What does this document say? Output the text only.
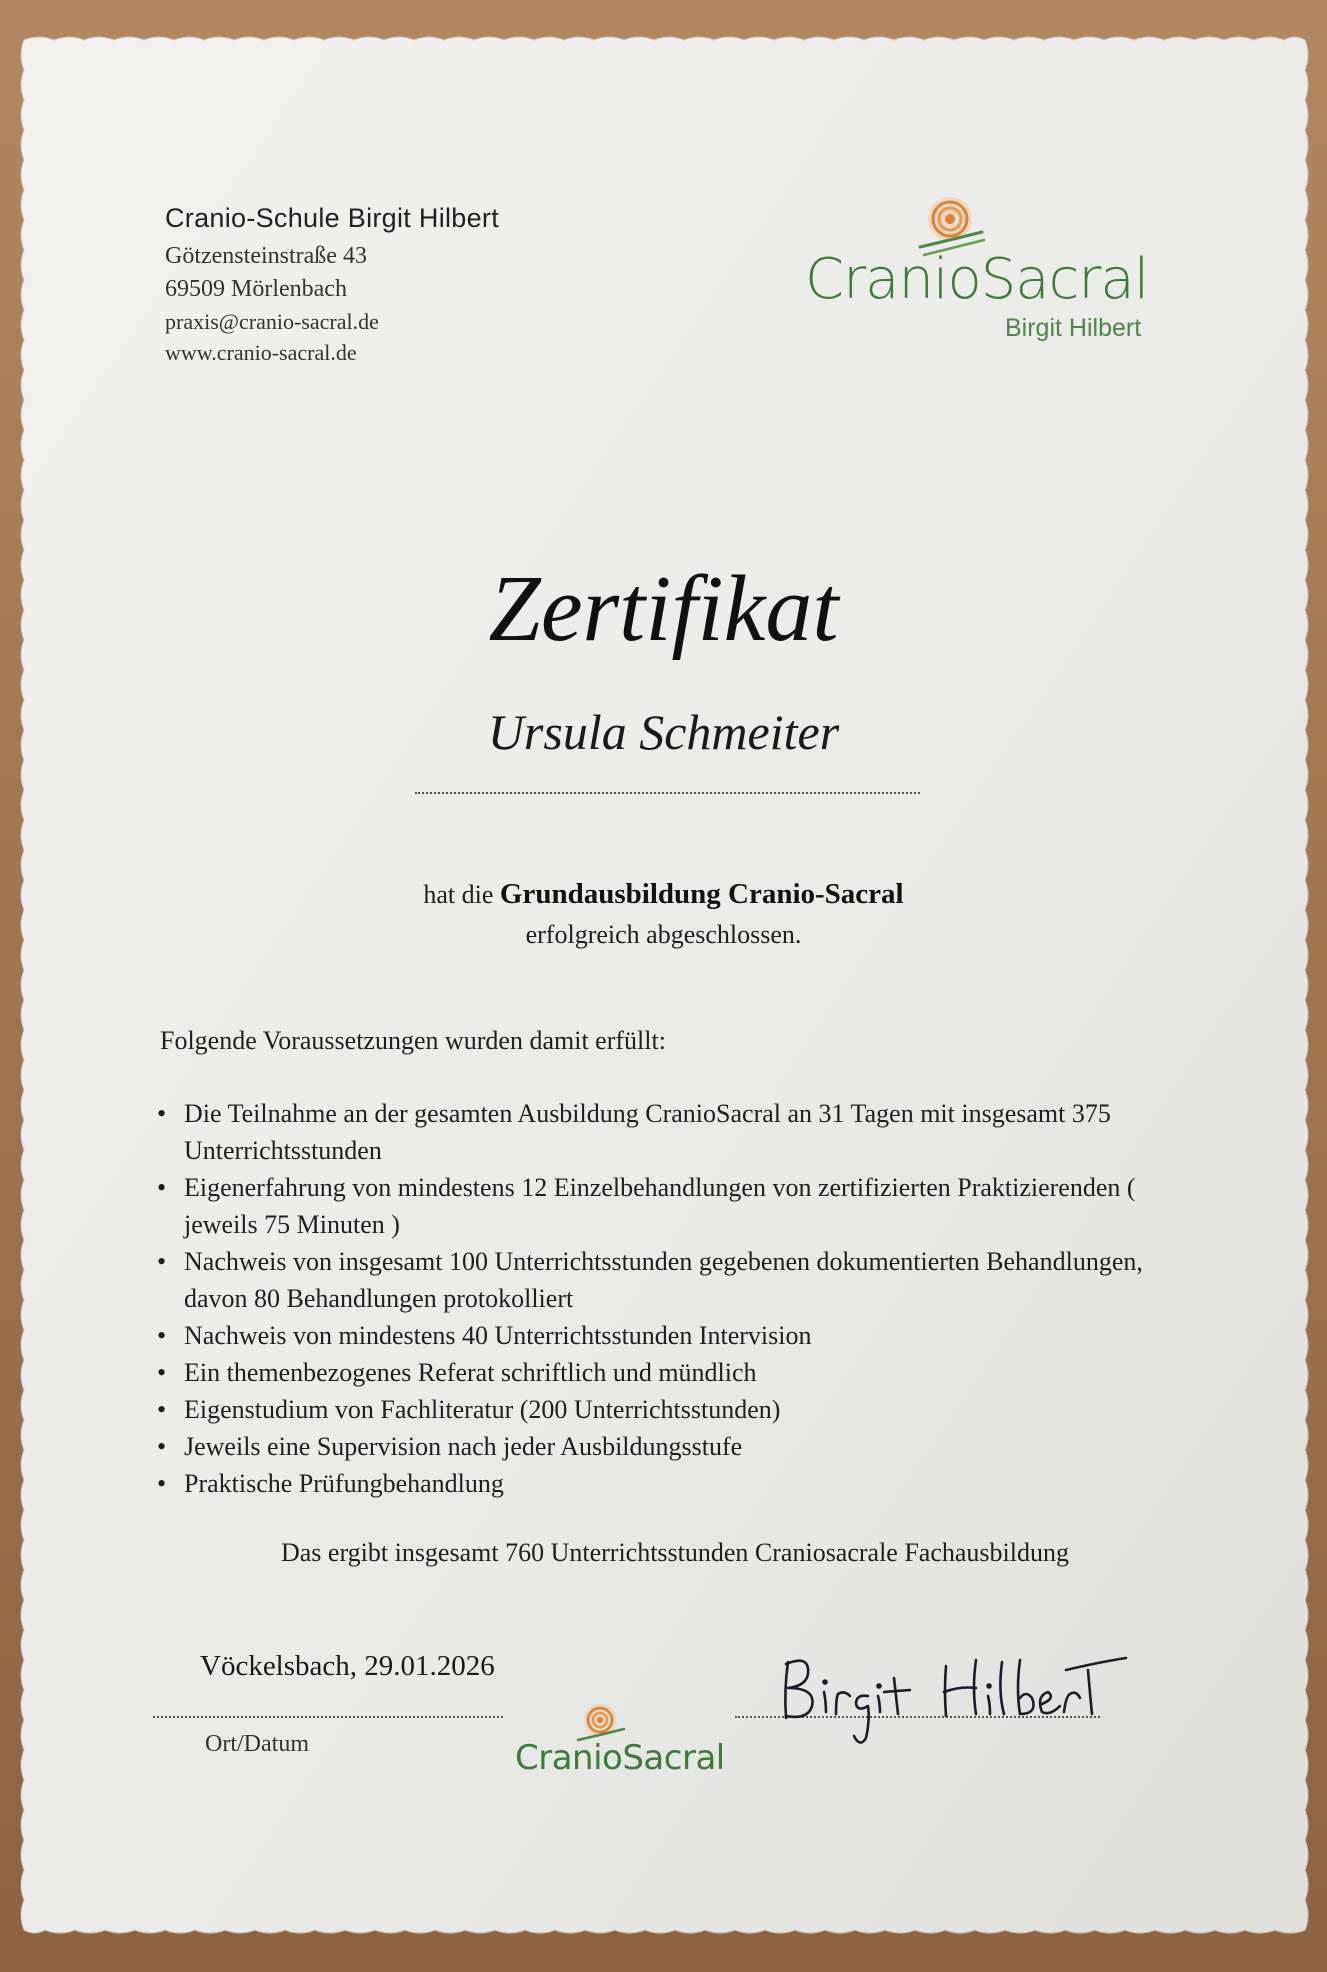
Cranio-Schule Birgit Hilbert
Götzensteinstraße 43
69509 Mörlenbach
praxis@cranio-sacral.de
www.cranio-sacral.de
CranioSacral
Birgit Hilbert
Zertifikat
Ursula Schmeiter
hat die Grundausbildung Cranio-Sacral
erfolgreich abgeschlossen.
Folgende Voraussetzungen wurden damit erfüllt:
• Die Teilnahme an der gesamten Ausbildung CranioSacral an 31 Tagen mit insgesamt 375 Unterrichtsstunden
• Eigenerfahrung von mindestens 12 Einzelbehandlungen von zertifizierten Praktizierenden ( jeweils 75 Minuten )
• Nachweis von insgesamt 100 Unterrichtsstunden gegebenen dokumentierten Behandlungen, davon 80 Behandlungen protokolliert
• Nachweis von mindestens 40 Unterrichtsstunden Intervision
• Ein themenbezogenes Referat schriftlich und mündlich
• Eigenstudium von Fachliteratur (200 Unterrichtsstunden)
• Jeweils eine Supervision nach jeder Ausbildungsstufe
• Praktische Prüfungbehandlung
Das ergibt insgesamt 760 Unterrichtsstunden Craniosacrale Fachausbildung
Vöckelsbach, 29.01.2026
Ort/Datum	CranioSacral
